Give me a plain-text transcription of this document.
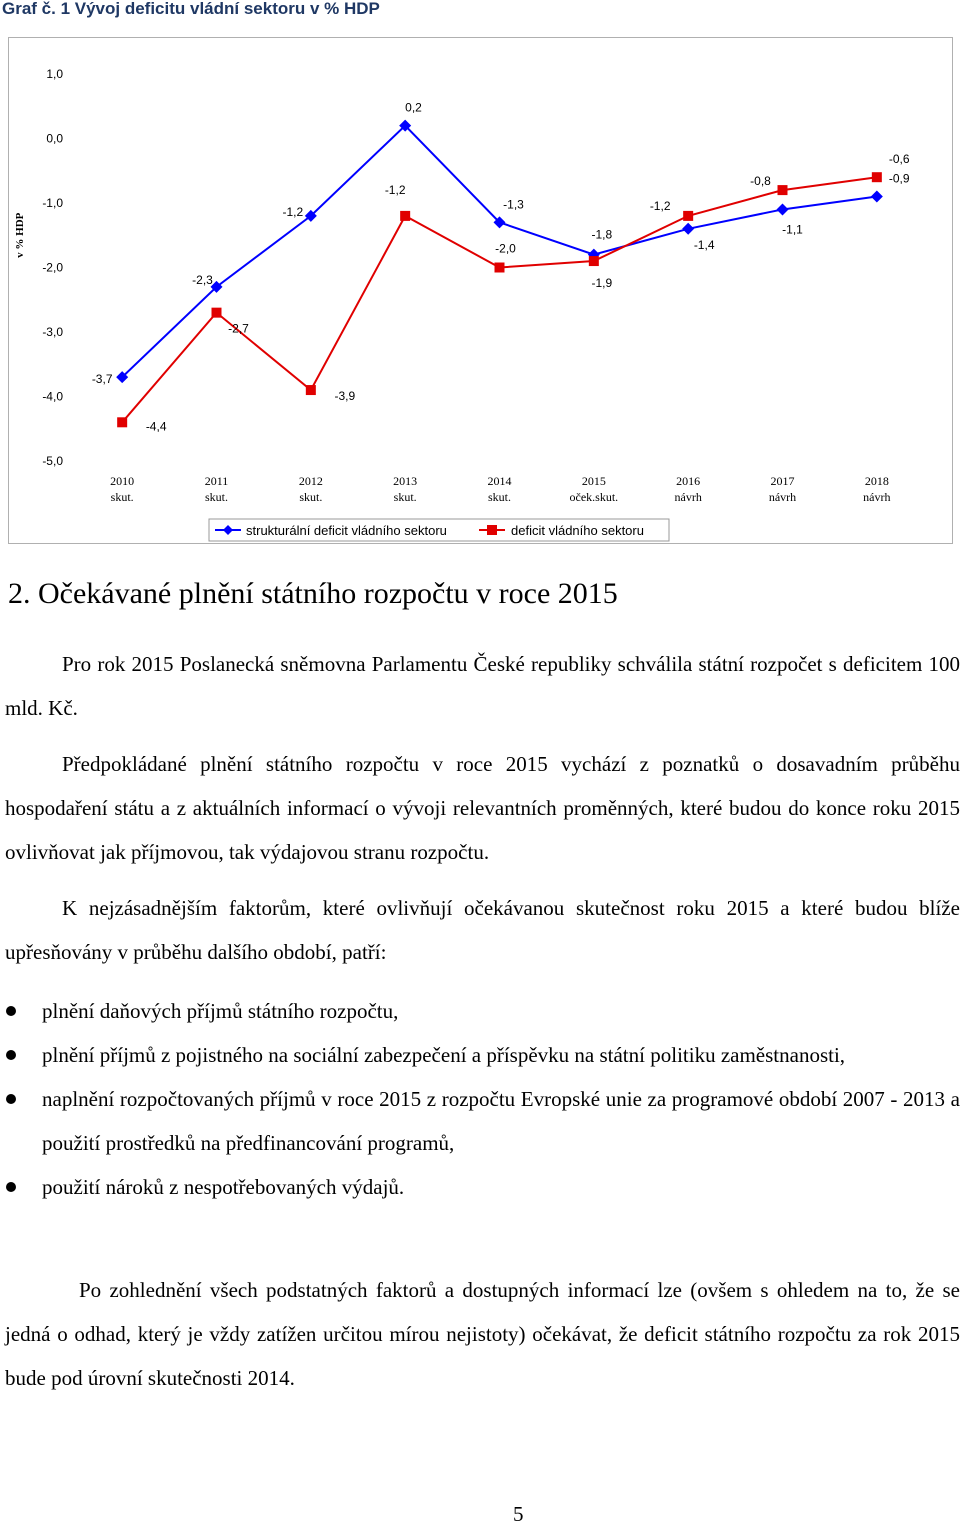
Graf č. 1 Vývoj deficitu vládní sektoru v % HDP
1,0
0,0
-1,0
-2,0
-3,0
-4,0
-5,0
v % HDP
2010
skut.
2011
skut.
2012
skut.
2013
skut.
2014
skut.
2015
oček.skut.
2016
návrh
2017
návrh
2018
návrh
-3,7
-2,3
-1,2
0,2
-1,3
-1,8
-1,4
-1,1
-0,9
-4,4
-2,7
-3,9
-1,2
-2,0
-1,9
-1,2
-0,8
-0,6
strukturální deficit vládního sektoru	deficit vládního sektoru
2. Očekávané plnění státního rozpočtu v roce 2015

Pro rok 2015 Poslanecká sněmovna Parlamentu České republiky schválila státní rozpočet s deficitem 100 mld. Kč.

Předpokládané plnění státního rozpočtu v roce 2015 vychází z poznatků o dosavadním průběhu hospodaření státu a z aktuálních informací o vývoji relevantních proměnných, které budou do konce roku 2015 ovlivňovat jak příjmovou, tak výdajovou stranu rozpočtu.

K nejzásadnějším faktorům, které ovlivňují očekávanou skutečnost roku 2015 a které budou blíže upřesňovány v průběhu dalšího období, patří:

plnění daňových příjmů státního rozpočtu,
plnění příjmů z pojistného na sociální zabezpečení a příspěvku na státní politiku zaměstnanosti,
naplnění rozpočtovaných příjmů v roce 2015 z rozpočtu Evropské unie za programové období 2007 - 2013 a použití prostředků na předfinancování programů,
použití nároků z nespotřebovaných výdajů.

Po zohlednění všech podstatných faktorů a dostupných informací lze (ovšem s ohledem na to, že se jedná o odhad, který je vždy zatížen určitou mírou nejistoty) očekávat, že deficit státního rozpočtu za rok 2015 bude pod úrovní skutečnosti 2014.

5
